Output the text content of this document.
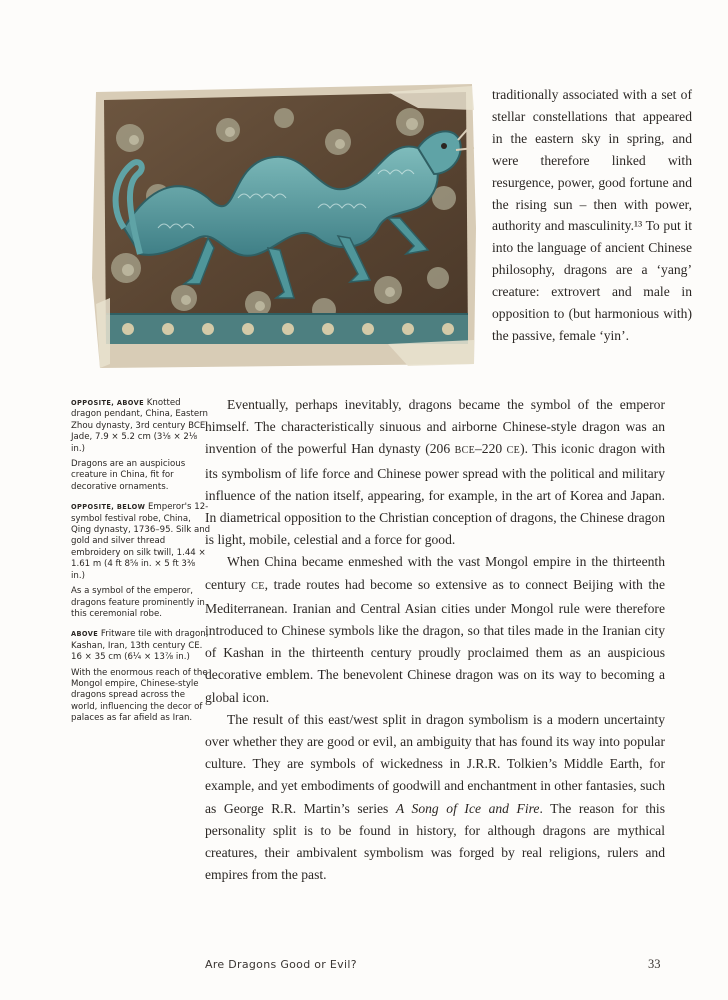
traditionally associated with a set of stellar constellations that appeared in the eastern sky in spring, and were therefore linked with resurgence, power, good fortune and the rising sun – then with power, authority and masculinity.¹³ To put it into the language of ancient Chinese philosophy, dragons are a ‘yang’ creature: extrovert and male in opposition to (but harmonious with) the passive, female ‘yin’.

OPPOSITE, ABOVE Knotted dragon pendant, China, Eastern Zhou dynasty, 3rd century BCE. Jade, 7.9 × 5.2 cm (3⅛ × 2⅛ in.)
Dragons are an auspicious creature in China, fit for decorative ornaments.
OPPOSITE, BELOW Emperor's 12-symbol festival robe, China, Qing dynasty, 1736–95. Silk and gold and silver thread embroidery on silk twill, 1.44 × 1.61 m (4 ft 8⅝ in. × 5 ft 3⅜ in.)
As a symbol of the emperor, dragons feature prominently in this ceremonial robe.
ABOVE Fritware tile with dragon, Kashan, Iran, 13th century CE. 16 × 35 cm (6¼ × 13⅞ in.)
With the enormous reach of the Mongol empire, Chinese-style dragons spread across the world, influencing the decor of palaces as far afield as Iran.

Eventually, perhaps inevitably, dragons became the symbol of the emperor himself. The characteristically sinuous and airborne Chinese-style dragon was an invention of the powerful Han dynasty (206 BCE–220 CE). This iconic dragon with its symbolism of life force and Chinese power spread with the political and military influence of the nation itself, appearing, for example, in the art of Korea and Japan. In diametrical opposition to the Christian conception of dragons, the Chinese dragon is light, mobile, celestial and a force for good.

When China became enmeshed with the vast Mongol empire in the thirteenth century CE, trade routes had become so extensive as to connect Beijing with the Mediterranean. Iranian and Central Asian cities under Mongol rule were therefore introduced to Chinese symbols like the dragon, so that tiles made in the Iranian city of Kashan in the thirteenth century proudly proclaimed them as an auspicious decorative emblem. The benevolent Chinese dragon was on its way to becoming a global icon.

The result of this east/west split in dragon symbolism is a modern uncertainty over whether they are good or evil, an ambiguity that has found its way into popular culture. They are symbols of wickedness in J.R.R. Tolkien’s Middle Earth, for example, and yet embodiments of goodwill and enchantment in other fantasies, such as George R.R. Martin’s series A Song of Ice and Fire. The reason for this personality split is to be found in history, for although dragons are mythical creatures, their ambivalent symbolism was forged by real religions, rulers and empires from the past.

Are Dragons Good or Evil?	33
